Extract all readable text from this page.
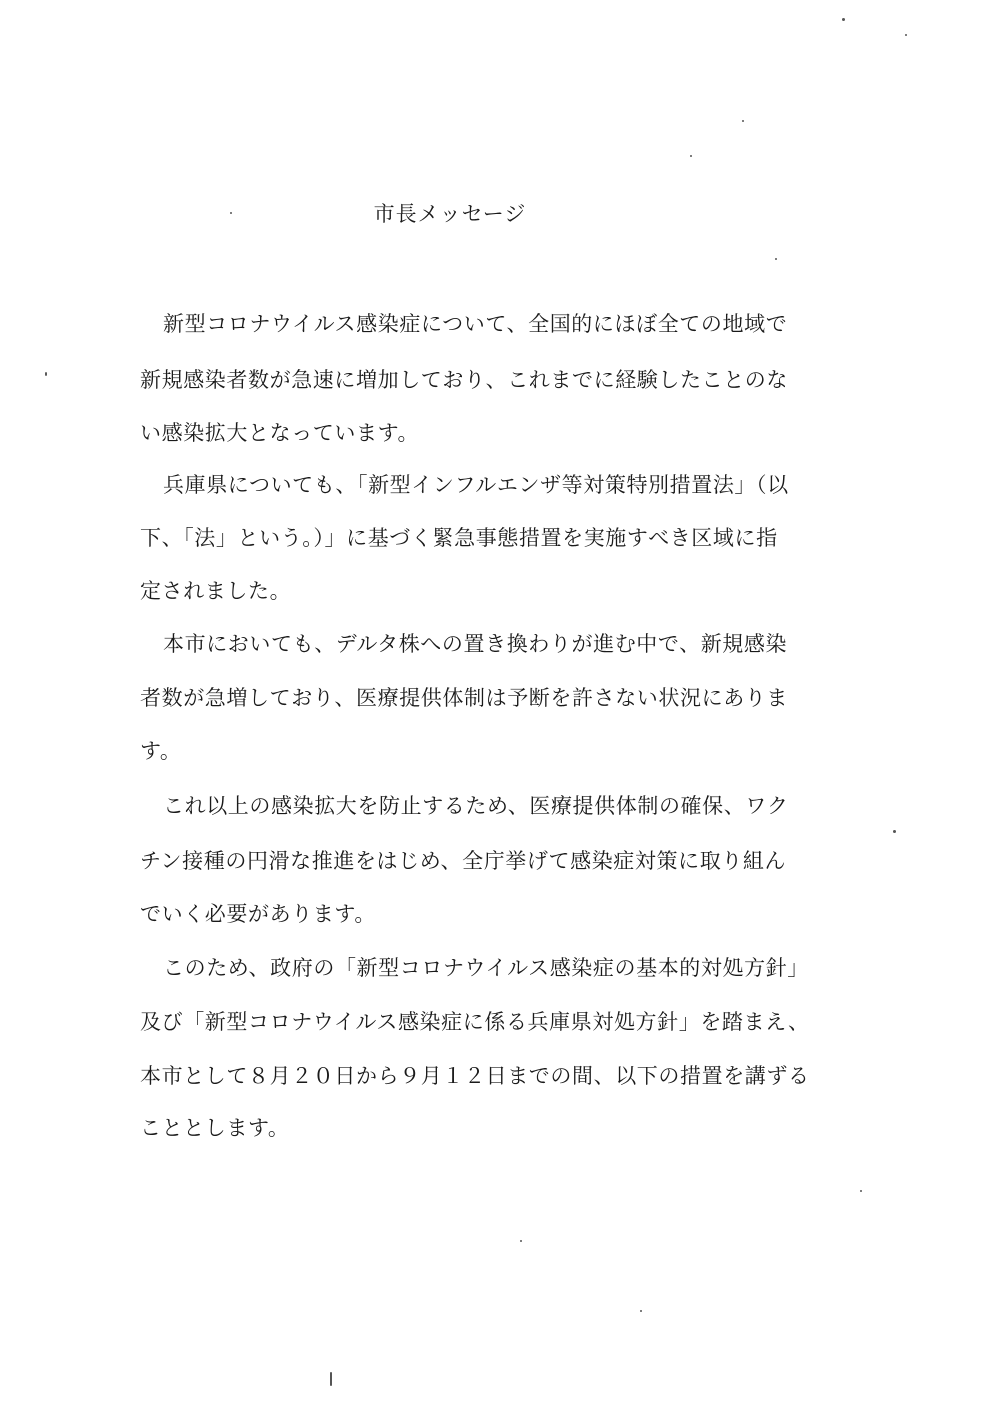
市長メッセージ
新型コロナウイルス感染症について、全国的にほぼ全ての地域で
新規感染者数が急速に増加しており、これまでに経験したことのな
い感染拡大となっています。
兵庫県についても、「新型インフルエンザ等対策特別措置法」（以
下、「法」という。）」に基づく緊急事態措置を実施すべき区域に指
定されました。
本市においても、デルタ株への置き換わりが進む中で、新規感染
者数が急増しており、医療提供体制は予断を許さない状況にありま
す。
これ以上の感染拡大を防止するため、医療提供体制の確保、ワク
チン接種の円滑な推進をはじめ、全庁挙げて感染症対策に取り組ん
でいく必要があります。
このため、政府の「新型コロナウイルス感染症の基本的対処方針」
及び「新型コロナウイルス感染症に係る兵庫県対処方針」を踏まえ、
本市として８月２０日から９月１２日までの間、以下の措置を講ずる
こととします。
